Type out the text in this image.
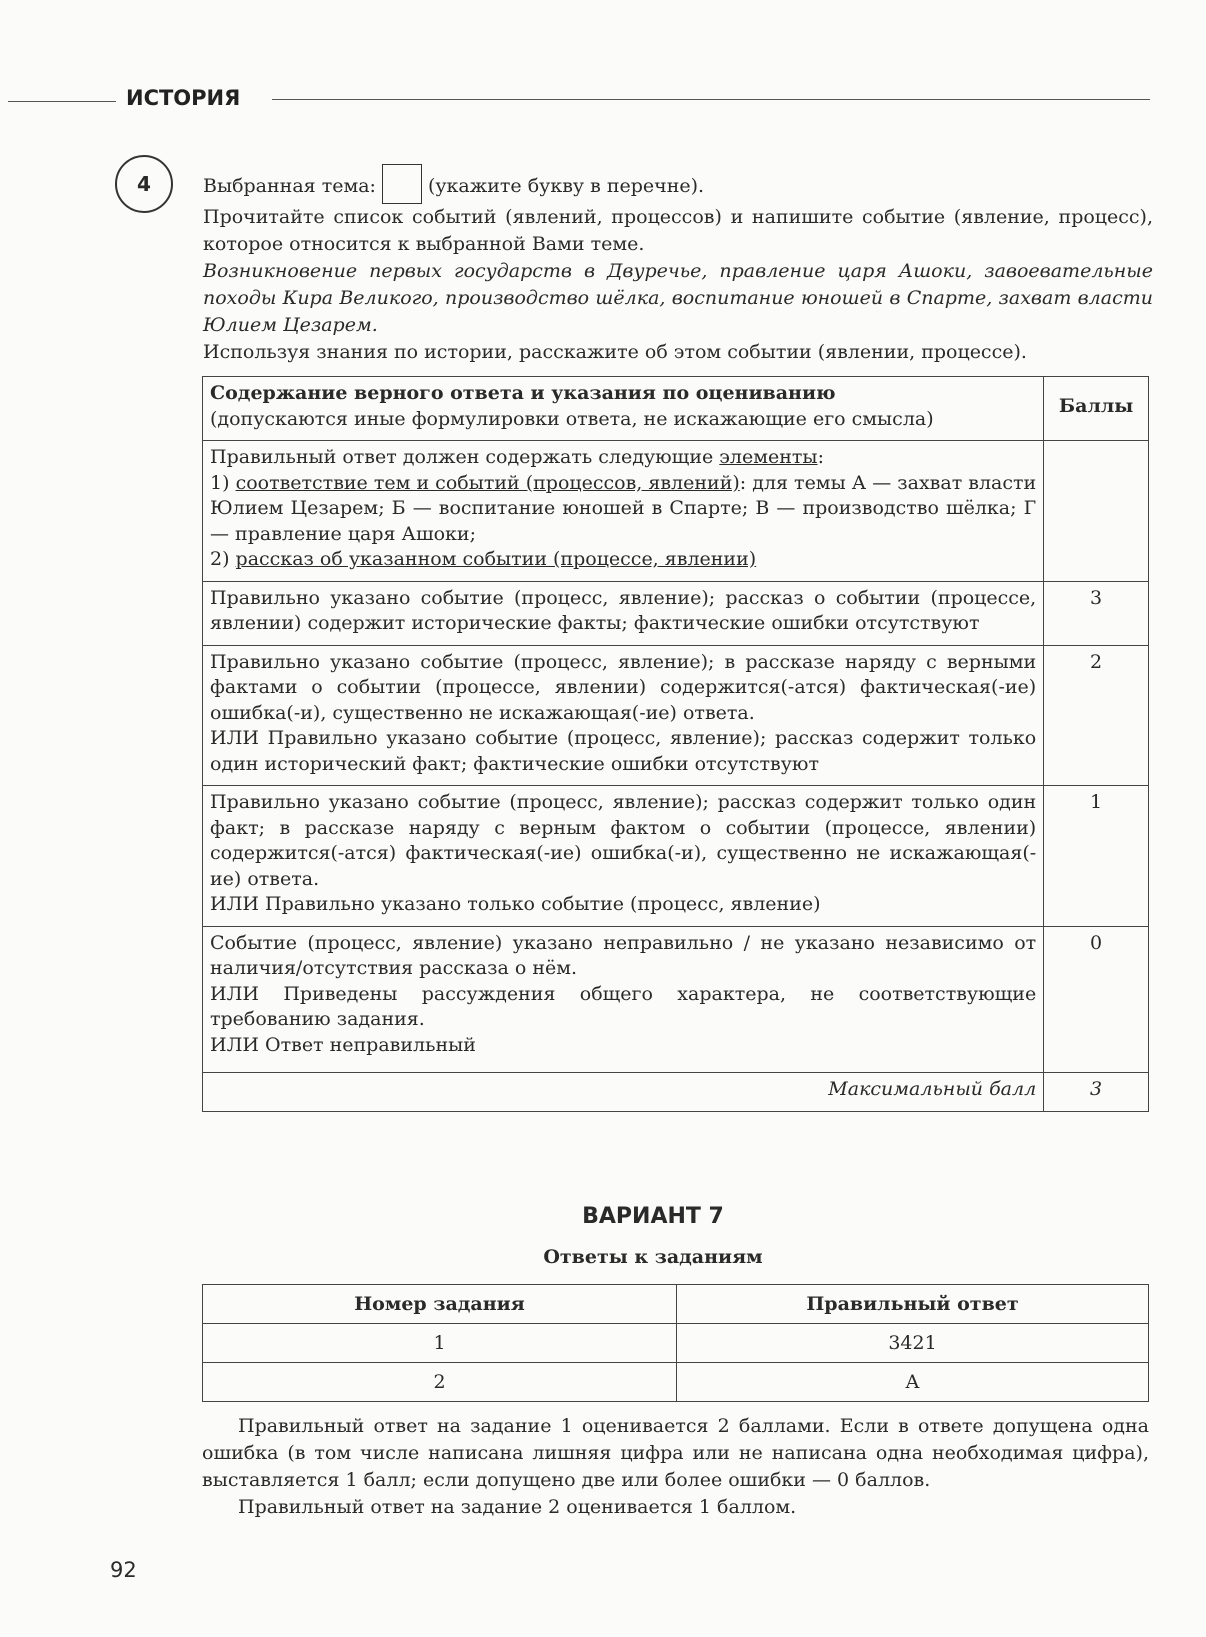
ИСТОРИЯ
4	Выбранная тема:	(укажите букву в перечне).

Прочитайте список событий (явлений, процессов) и напишите событие (явление, процесс), которое относится к выбранной Вами теме.

Возникновение первых государств в Двуречье, правление царя Ашоки, завоевательные походы Кира Великого, производство шёлка, воспитание юношей в Спарте, захват власти Юлием Цезарем.

Используя знания по истории, расскажите об этом событии (явлении, процессе).

Содержание верного ответа и указания по оцениванию
(допускаются иные формулировки ответа, не искажающие его смысла)	Баллы

Правильный ответ должен содержать следующие элементы:
1) соответствие тем и событий (процессов, явлений): для темы А — захват власти Юлием Цезарем; Б — воспитание юношей в Спарте; В — производство шёлка; Г — правление царя Ашоки;
2) рассказ об указанном событии (процессе, явлении)	

Правильно указано событие (процесс, явление); рассказ о событии (процессе, явлении) содержит исторические факты; фактические ошибки отсутствуют	3

Правильно указано событие (процесс, явление); в рассказе наряду с верными фактами о событии (процессе, явлении) содержится(-атся) фактическая(-ие) ошибка(-и), существенно не искажающая(-ие) ответа.
ИЛИ Правильно указано событие (процесс, явление); рассказ содержит только один исторический факт; фактические ошибки отсутствуют	2

Правильно указано событие (процесс, явление); рассказ содержит только один факт; в рассказе наряду с верным фактом о событии (процессе, явлении) содержится(-атся) фактическая(-ие) ошибка(-и), существенно не искажающая(-ие) ответа.
ИЛИ Правильно указано только событие (процесс, явление)	1

Событие (процесс, явление) указано неправильно / не указано независимо от наличия/отсутствия рассказа о нём.
ИЛИ Приведены рассуждения общего характера, не соответствующие требованию задания.
ИЛИ Ответ неправильный	0
Максимальный балл	3
ВАРИАНТ 7
Ответы к заданиям
Номер задания	Правильный ответ
1	3421
2	А

Правильный ответ на задание 1 оценивается 2 баллами. Если в ответе допущена одна ошибка (в том числе написана лишняя цифра или не написана одна необходимая цифра), выставляется 1 балл; если допущено две или более ошибки — 0 баллов.

Правильный ответ на задание 2 оценивается 1 баллом.

92
